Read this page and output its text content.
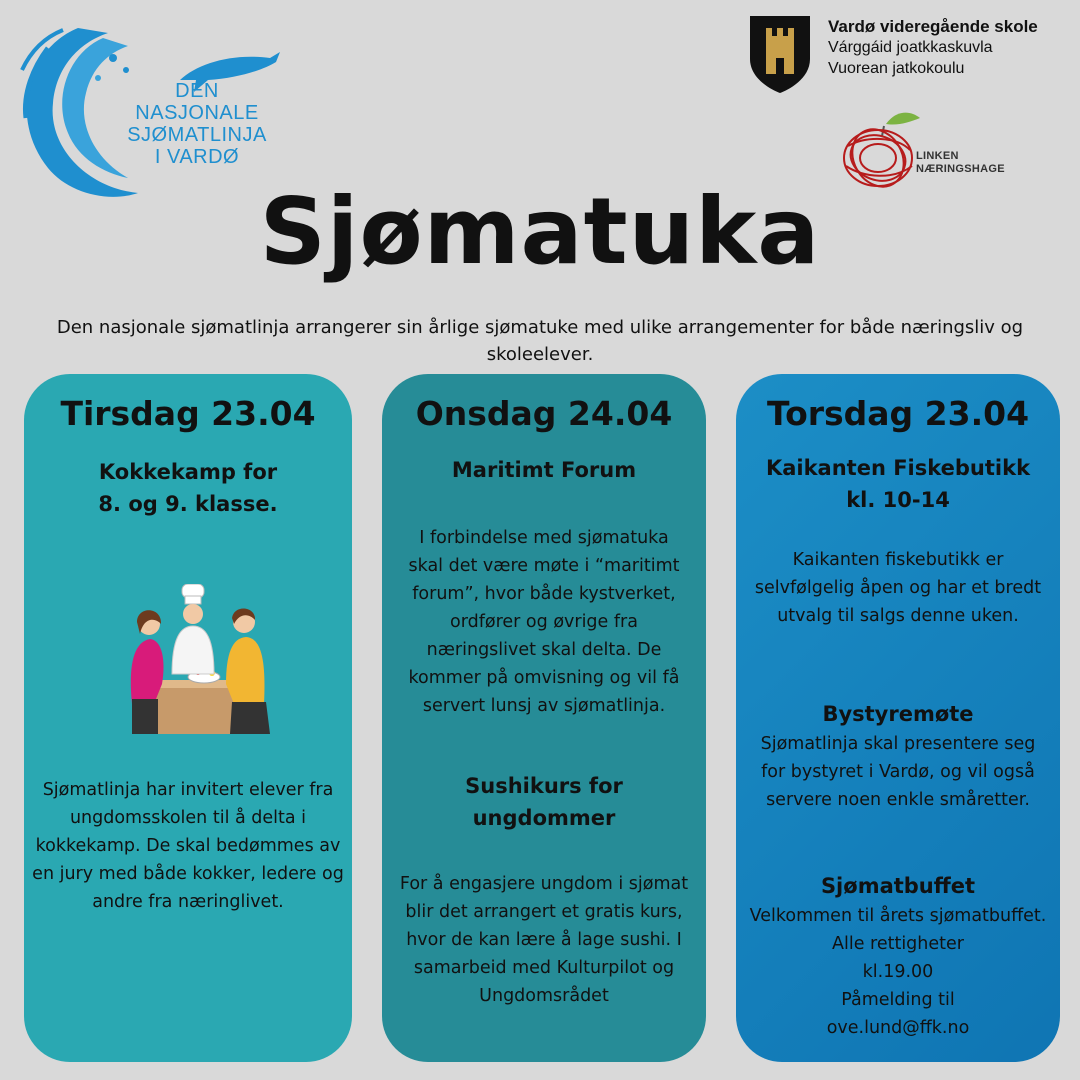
DEN
NASJONALE
SJØMATLINJA
I VARDØ
Vardø videregående skole
Várggáid joatkkaskuvla
Vuorean jatkokoulu
LINKEN
NÆRINGSHAGE
Sjømatuka
Den nasjonale sjømatlinja arrangerer sin årlige sjømatuke med ulike arrangementer for både næringsliv og skoleelever.
Tirsdag 23.04
Kokkekamp for
8. og 9. klasse.
Sjømatlinja har invitert elever fra ungdomsskolen til å delta i kokkekamp. De skal bedømmes av en jury med både kokker, ledere og andre fra næringlivet.
Onsdag 24.04
Maritimt Forum
I forbindelse med sjømatuka skal det være møte i “maritimt forum”, hvor både kystverket, ordfører og øvrige fra næringslivet skal delta. De kommer på omvisning og vil få servert lunsj av sjømatlinja.
Sushikurs for ungdommer
For å engasjere ungdom i sjømat blir det arrangert et gratis kurs, hvor de kan lære å lage sushi. I samarbeid med Kulturpilot og Ungdomsrådet
Torsdag 23.04
Kaikanten Fiskebutikk
kl. 10-14
Kaikanten fiskebutikk er selvfølgelig åpen og har et bredt utvalg til salgs denne uken.
Bystyremøte
Sjømatlinja skal presentere seg for bystyret i Vardø, og vil også servere noen enkle småretter.
Sjømatbuffet
Velkommen til årets sjømatbuffet.
Alle rettigheter
kl.19.00
Påmelding til
ove.lund@ffk.no
